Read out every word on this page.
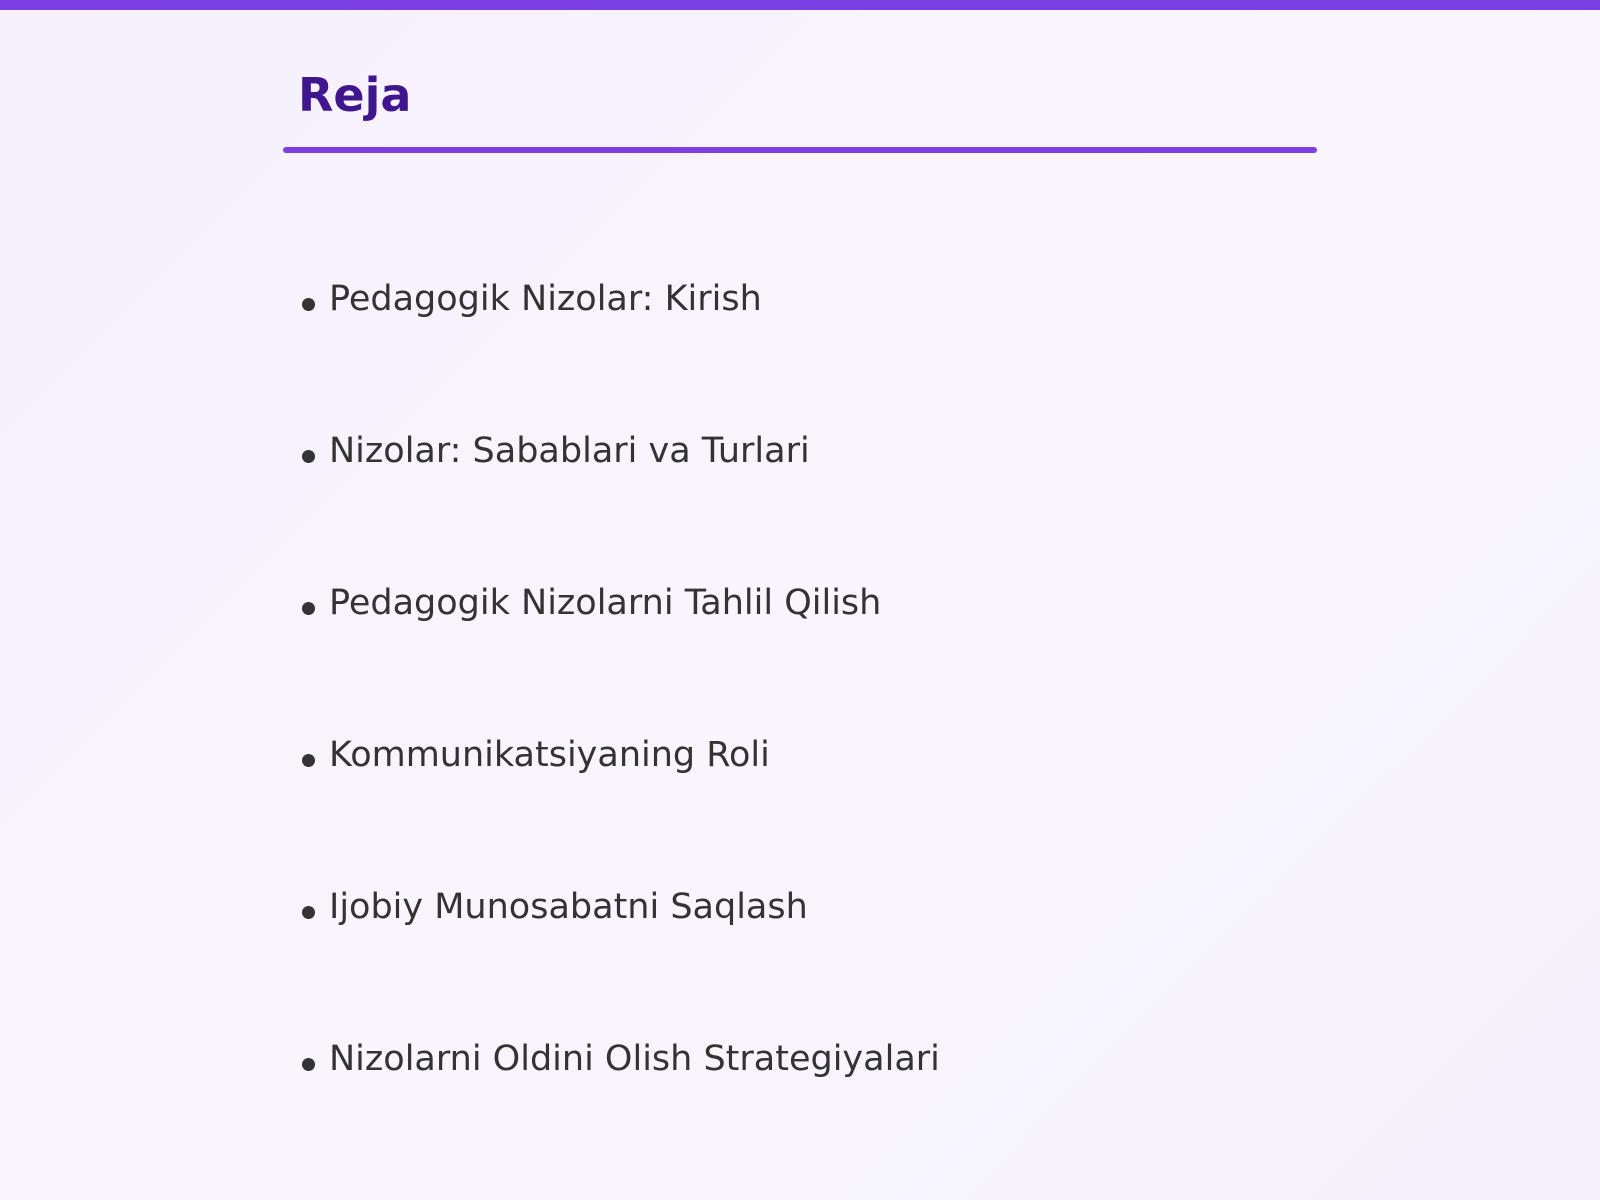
Reja
Pedagogik Nizolar: Kirish
Nizolar: Sabablari va Turlari
Pedagogik Nizolarni Tahlil Qilish
Kommunikatsiyaning Roli
Ijobiy Munosabatni Saqlash
Nizolarni Oldini Olish Strategiyalari
